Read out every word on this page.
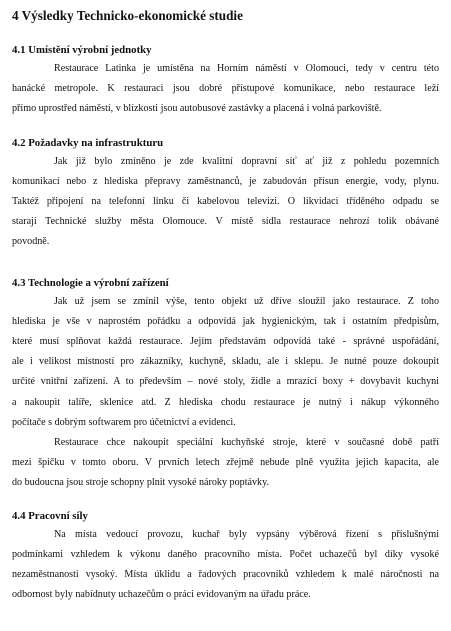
4 Výsledky Technicko-ekonomické studie
4.1 Umístění výrobní jednotky
Restaurace Latinka je umístěna na Horním náměstí v Olomouci, tedy v centru této
hanácké metropole. K restauraci jsou dobré přístupové komunikace, nebo restaurace leží
přímo uprostřed náměstí, v blízkosti jsou autobusové zastávky a placená i volná parkoviště.
4.2 Požadavky na infrastrukturu
Jak již bylo zmíněno je zde kvalitní dopravní síť ať již z pohledu pozemních
komunikací nebo z hlediska přepravy zaměstnanců, je zabudován přísun energie, vody, plynu.
Taktéž připojení na telefonní linku či kabelovou televizi. O likvidaci tříděného odpadu se
starají Technické služby města Olomouce. V místě sídla restaurace nehrozí tolik obávané
povodně.
4.3 Technologie a výrobní zařízení
Jak už jsem se zmínil výše, tento objekt už dříve sloužil jako restaurace. Z toho
hlediska je vše v naprostém pořádku a odpovídá jak hygienickým, tak i ostatním předpisům,
které musí splňovat každá restaurace. Jejím představám odpovídá také - správné uspořádání,
ale i velikost místností pro zákazníky, kuchyně, skladu, ale i sklepu. Je nutné pouze dokoupit
určité vnitřní zařízení. A to především – nové stoly, židle a mrazící boxy + dovybavit kuchyni
a nakoupit talíře, sklenice atd. Z hlediska chodu restaurace je nutný i nákup výkonného
počítače s dobrým softwarem pro účetnictví a evidenci.
Restaurace chce nakoupit speciální kuchyňské stroje, které v současné době patří
mezi špičku v tomto oboru. V prvních letech zřejmě nebude plně využita jejich kapacita, ale
do budoucna jsou stroje schopny plnit vysoké nároky poptávky.
4.4 Pracovní síly
Na místa vedoucí provozu, kuchař byly vypsány výběrová řízení s příslušnými
podmínkami vzhledem k výkonu daného pracovního místa. Počet uchazečů byl díky vysoké
nezaměstnanosti vysoký. Místa úklidu a řadových pracovníků vzhledem k malé náročnosti na
odbornost byly nabídnuty uchazečům o práci evidovaným na úřadu práce.
